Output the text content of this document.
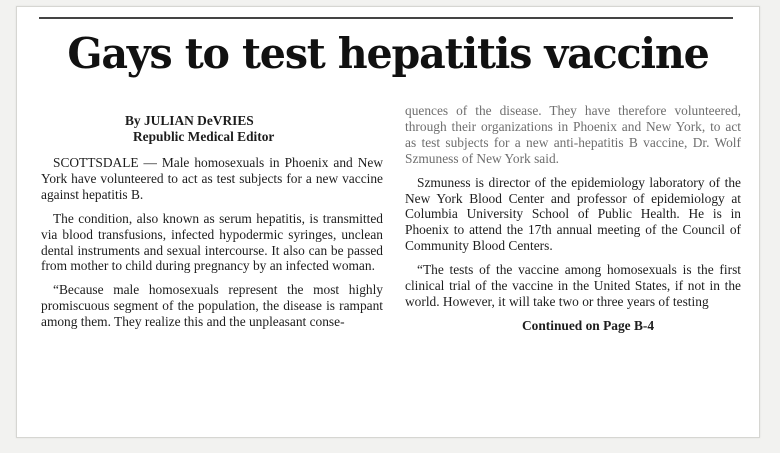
Gays to test hepatitis vaccine
By JULIAN DeVRIES
Republic Medical Editor

SCOTTSDALE — Male homosexuals in Phoenix and New York have volunteered to act as test subjects for a new vaccine against hepatitis B.

The condition, also known as serum hepatitis, is transmitted via blood transfusions, infected hypodermic syringes, unclean dental instruments and sexual intercourse. It also can be passed from mother to child during pregnancy by an infected woman.

“Because male homosexuals represent the most highly promiscuous segment of the population, the disease is rampant among them. They realize this and the unpleasant conse-

quences of the disease. They have therefore volunteered, through their organizations in Phoenix and New York, to act as test subjects for a new anti-hepatitis B vaccine, Dr. Wolf Szmuness of New York said.

Szmuness is director of the epidemiology laboratory of the New York Blood Center and professor of epidemiology at Columbia University School of Public Health. He is in Phoenix to attend the 17th annual meeting of the Council of Community Blood Centers.

“The tests of the vaccine among homosexuals is the first clinical trial of the vaccine in the United States, if not in the world. However, it will take two or three years of testing

Continued on Page B-4
